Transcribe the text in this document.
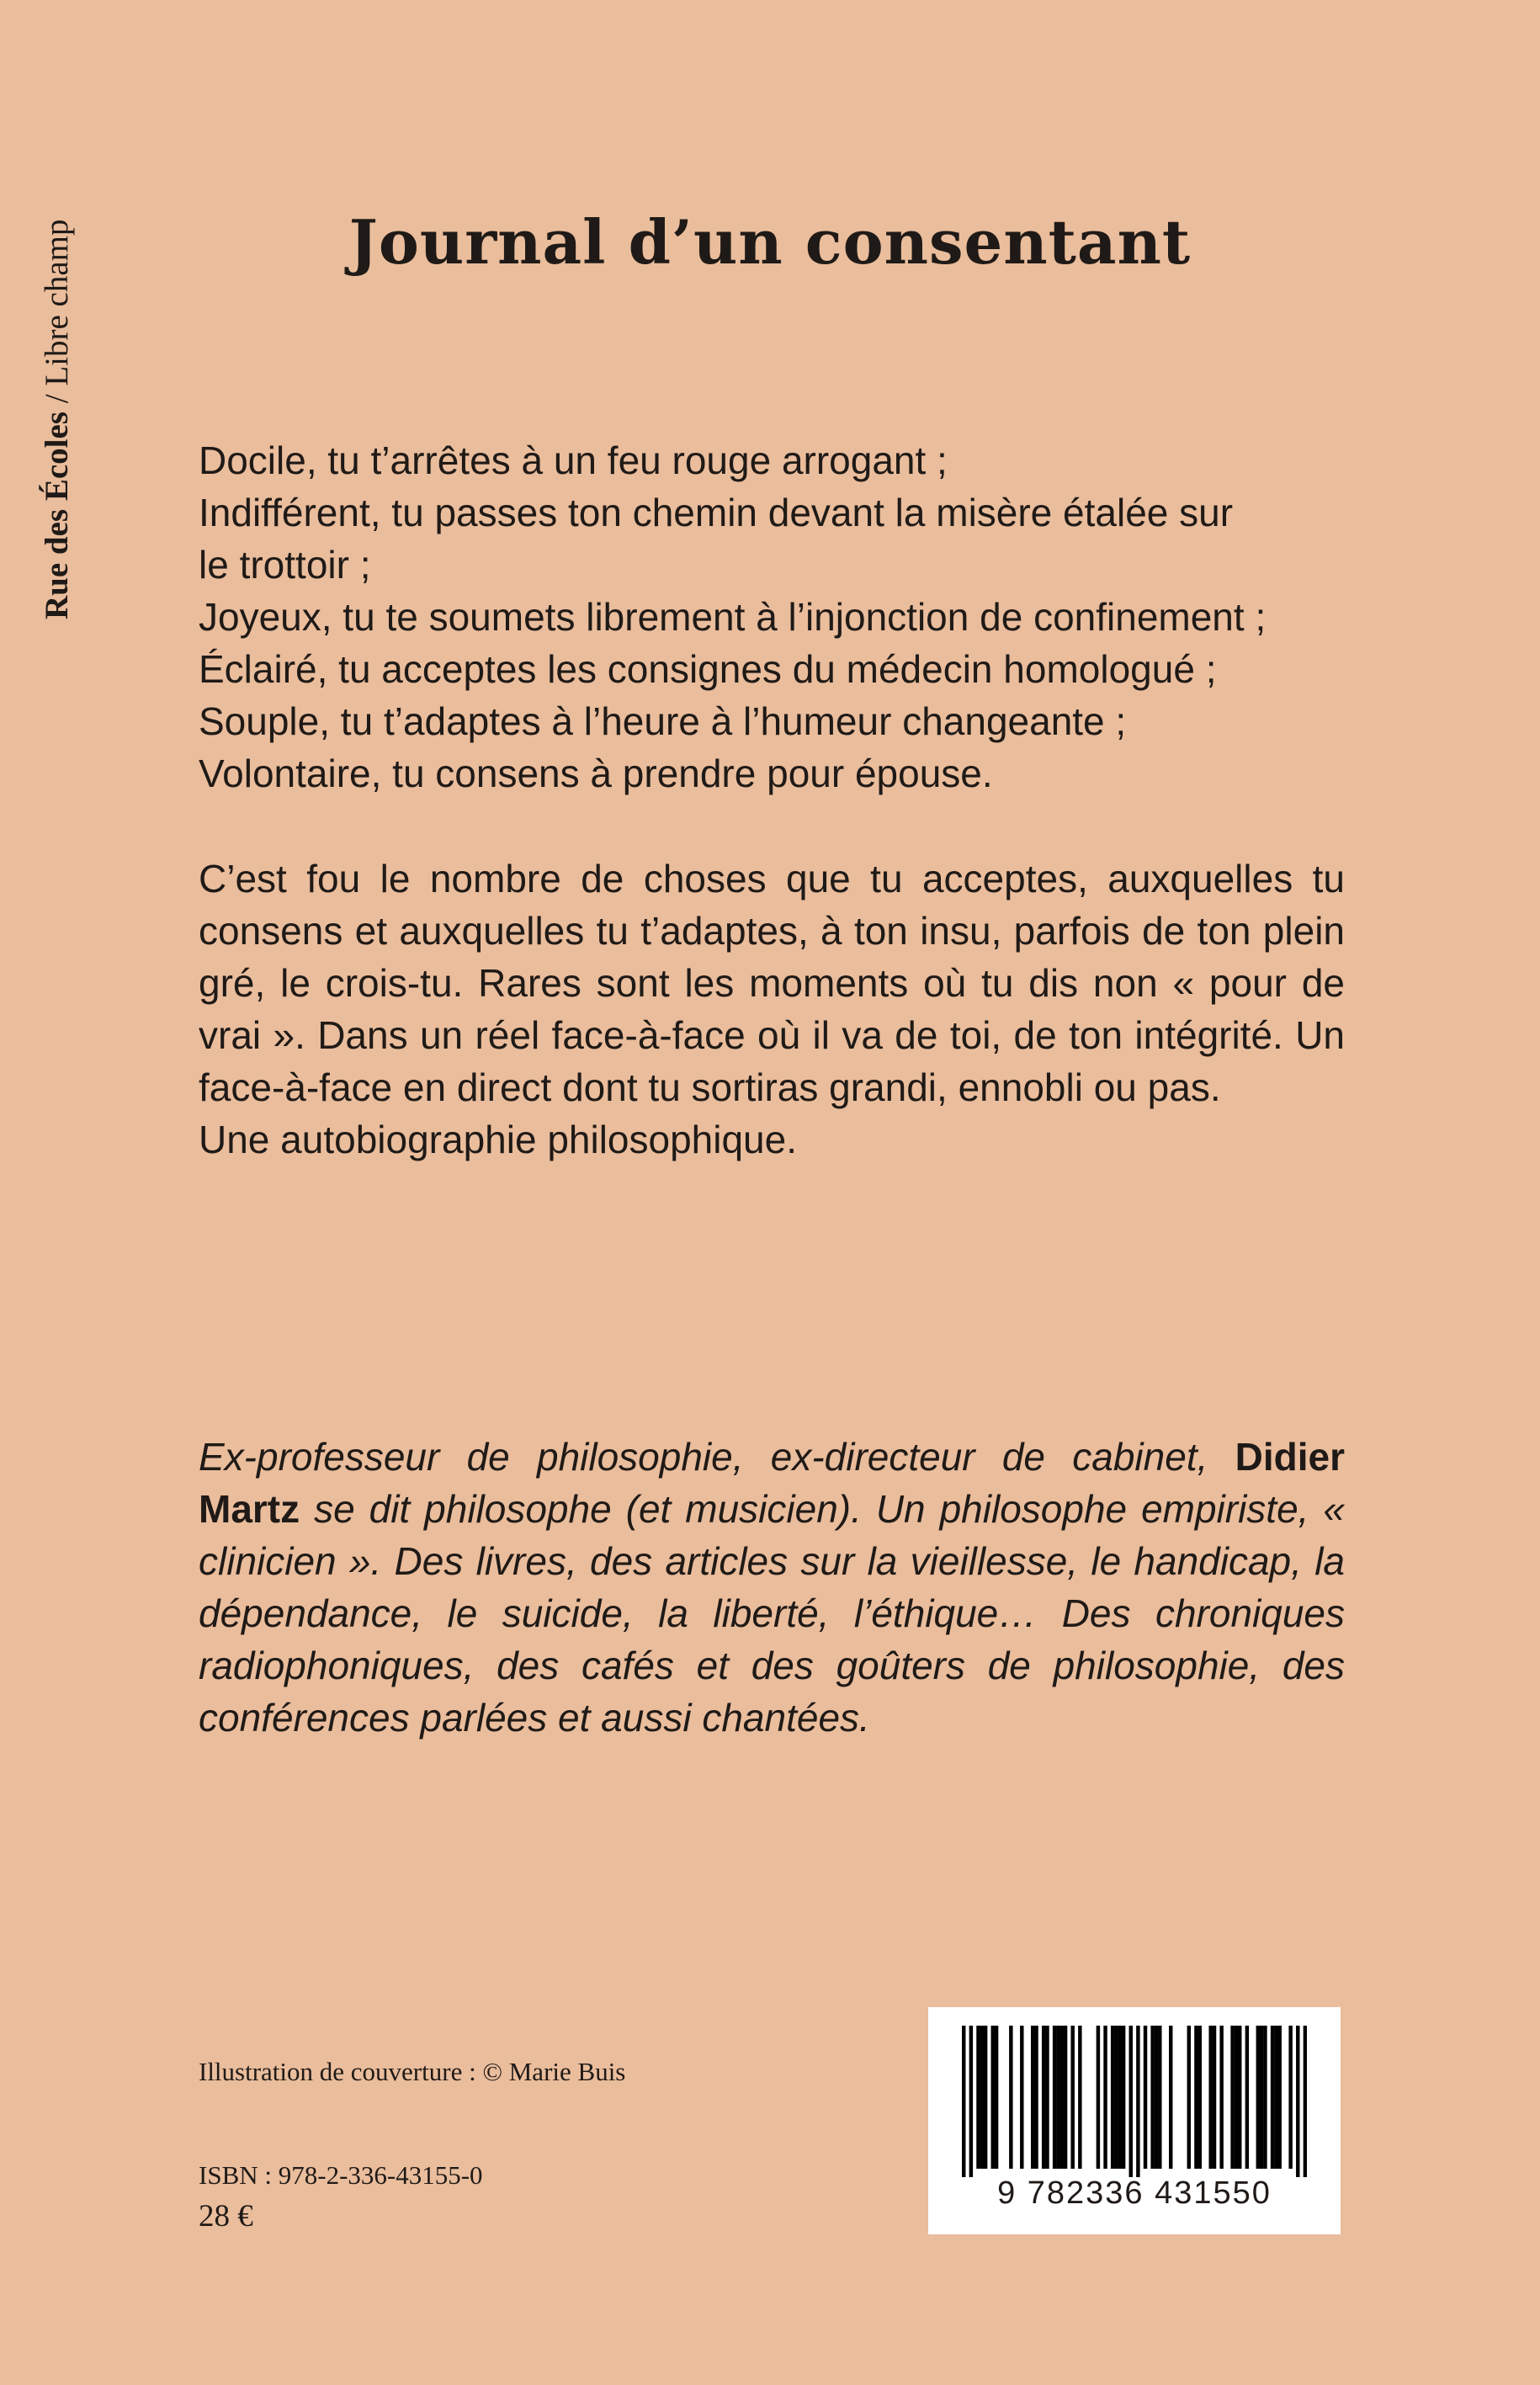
Rue des Écoles / Libre champ	Journal d’un consentant
Docile, tu t’arrêtes à un feu rouge arrogant ;
Indifférent, tu passes ton chemin devant la misère étalée sur
le trottoir ;
Joyeux, tu te soumets librement à l’injonction de confinement ;
Éclairé, tu acceptes les consignes du médecin homologué ;
Souple, tu t’adaptes à l’heure à l’humeur changeante ;
Volontaire, tu consens à prendre pour épouse.

C’est fou le nombre de choses que tu acceptes, auxquelles tu consens et auxquelles tu t’adaptes, à ton insu, parfois de ton plein gré, le crois-tu. Rares sont les moments où tu dis non « pour de vrai ». Dans un réel face-à-face où il va de toi, de ton intégrité. Un face-à-face en direct dont tu sortiras grandi, ennobli ou pas.

Une autobiographie philosophique.

Ex-professeur de philosophie, ex-directeur de cabinet, Didier Martz se dit philosophe (et musicien). Un philosophe empiriste, « clinicien ». Des livres, des articles sur la vieillesse, le handicap, la dépendance, le suicide, la liberté, l’éthique… Des chroniques radiophoniques, des cafés et des goûters de philosophie, des conférences parlées et aussi chantées.

Illustration de couverture : © Marie Buis
ISBN : 978-2-336-43155-0
28 €
9 782336 431550
